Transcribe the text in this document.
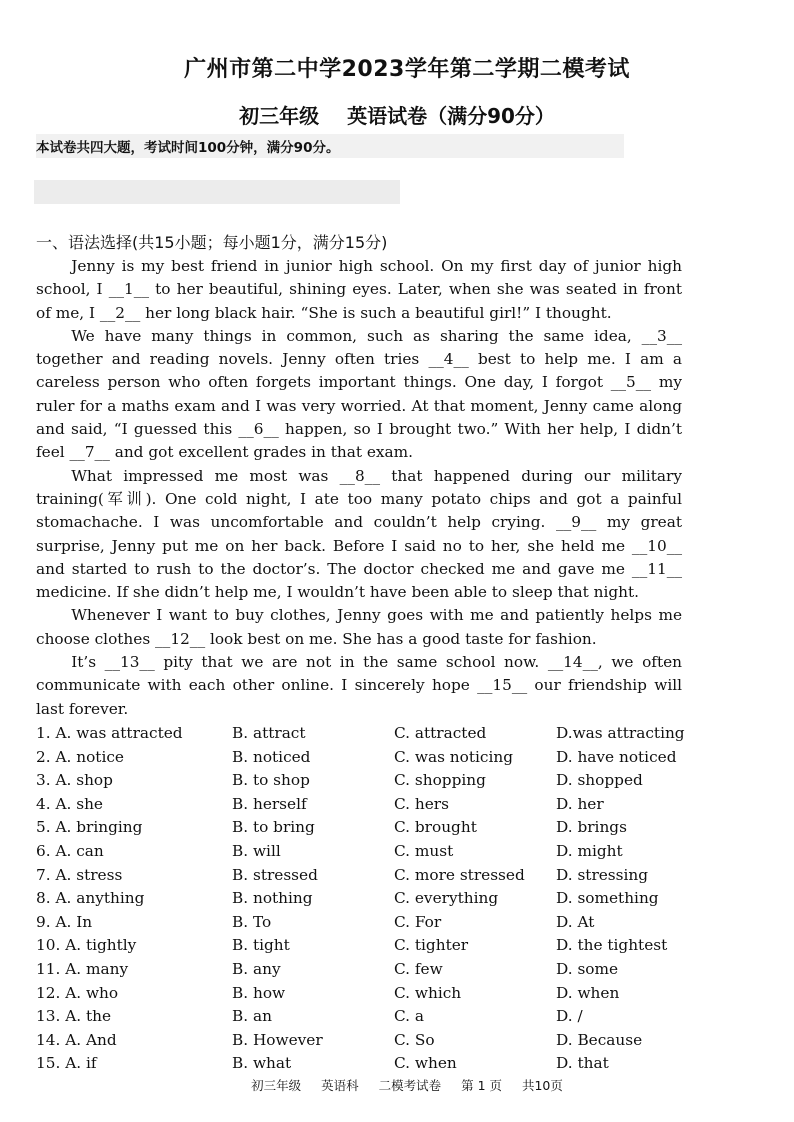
广州市第二中学2023学年第二学期二模考试
初三年级 英语试卷（满分90分）
本试卷共四大题，考试时间100分钟，满分90分。
一、语法选择(共15小题；每小题1分，满分15分)

Jenny is my best friend in junior high school. On my first day of junior high school, I __1__ to her beautiful, shining eyes. Later, when she was seated in front of me, I __2__ her long black hair. “She is such a beautiful girl!” I thought.

We have many things in common, such as sharing the same idea, __3__ together and reading novels. Jenny often tries __4__ best to help me. I am a careless person who often forgets important things. One day, I forgot __5__ my ruler for a maths exam and I was very worried. At that moment, Jenny came along and said, “I guessed this __6__ happen, so I brought two.” With her help, I didn’t feel __7__ and got excellent grades in that exam.

What impressed me most was __8__ that happened during our military training(军训). One cold night, I ate too many potato chips and got a painful stomachache. I was uncomfortable and couldn’t help crying. __9__ my great surprise, Jenny put me on her back. Before I said no to her, she held me __10__ and started to rush to the doctor’s. The doctor checked me and gave me __11__ medicine. If she didn’t help me, I wouldn’t have been able to sleep that night.

Whenever I want to buy clothes, Jenny goes with me and patiently helps me choose clothes __12__ look best on me. She has a good taste for fashion.

It’s __13__ pity that we are not in the same school now. __14__, we often communicate with each other online. I sincerely hope __15__ our friendship will last forever.

1. A. was attracted	B. attract	C. attracted	D.was attracting
2. A. notice	B. noticed	C. was noticing	D. have noticed
3. A. shop	B. to shop	C. shopping	D. shopped
4. A. she	B. herself	C. hers	D. her
5. A. bringing	B. to bring	C. brought	D. brings
6. A. can	B. will	C. must	D. might
7. A. stress	B. stressed	C. more stressed D. stressing
8. A. anything	B. nothing	C. everything	D. something
9. A. In	B. To	C. For	D. At
10. A. tightly	B. tight	C. tighter	D. the tightest
11. A. many	B. any	C. few	D. some
12. A. who	B. how	C. which	D. when
13. A. the	B. an	C. a	D. /
14. A. And	B. However	C. So	D. Because
15. A. if	B. what	C. when	D. that
初三年级 英语科 二模考试卷 第 1 页 共10页
